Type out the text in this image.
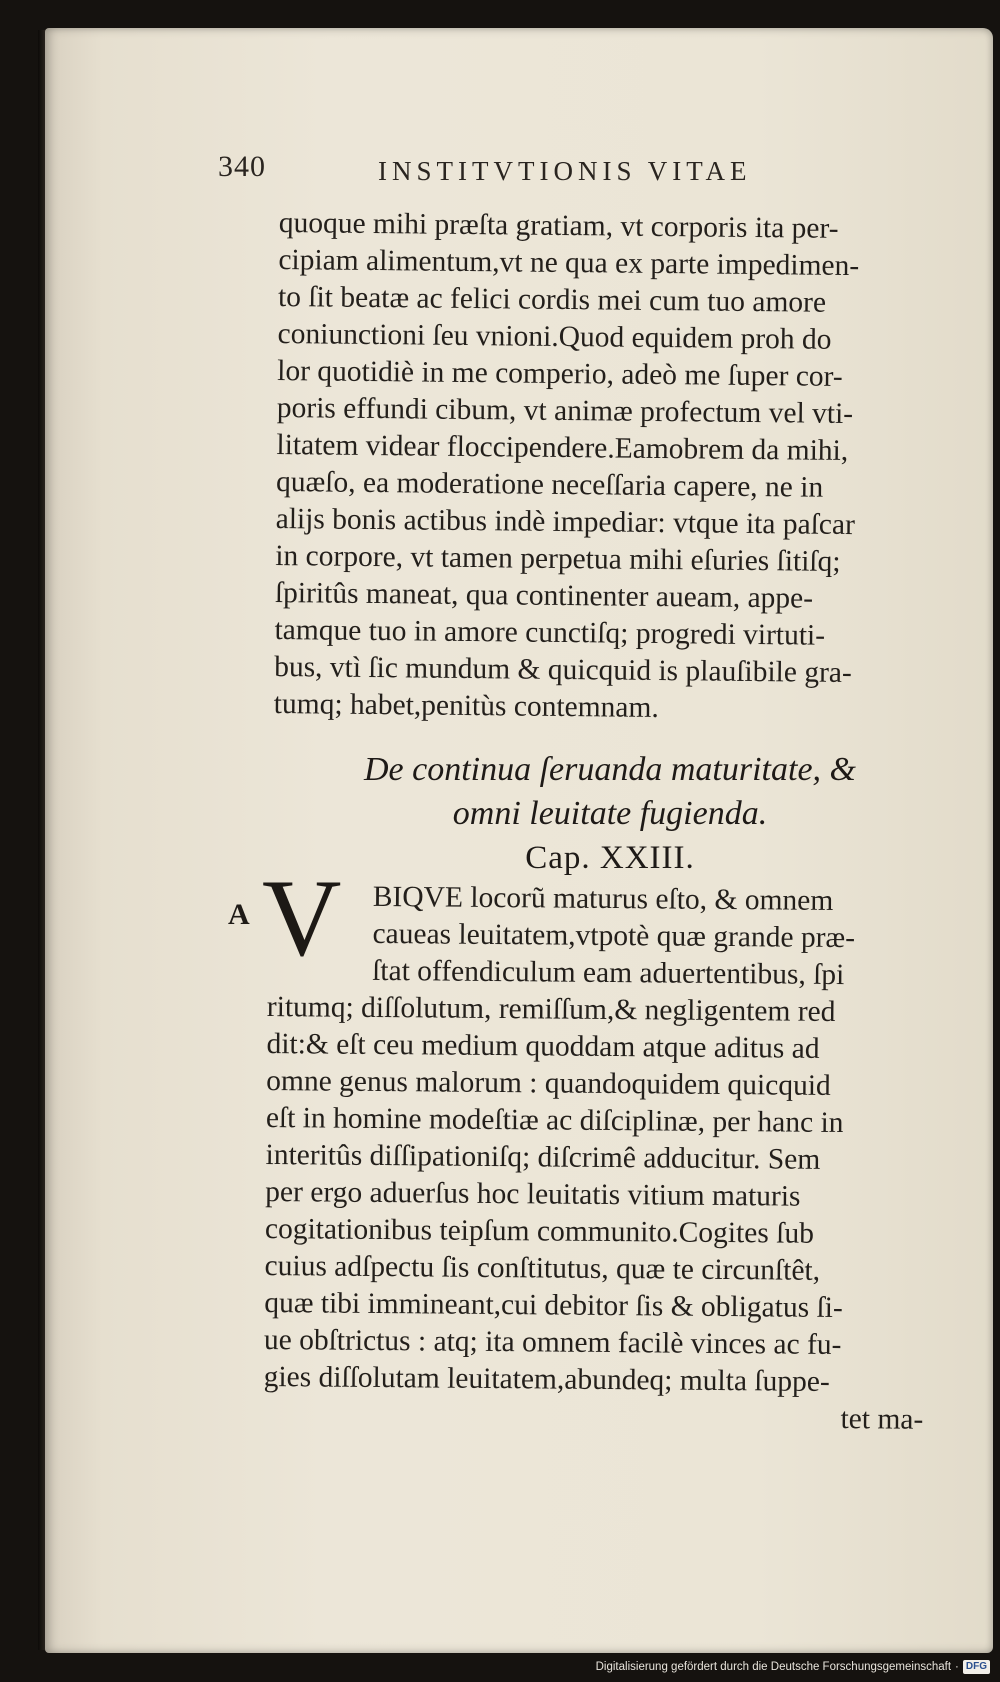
340	INSTITVTIONIS VITAE
quoque mihi præſta gratiam, vt corporis ita per-
cipiam alimentum,vt ne qua ex parte impedimen-
to ſit beatæ ac felici cordis mei cum tuo amore
coniunctioni ſeu vnioni.Quod equidem proh do
lor quotidiè in me comperio, adeò me ſuper cor-
poris effundi cibum, vt animæ profectum vel vti-
litatem videar floccipendere.Eamobrem da mihi,
quæſo, ea moderatione neceſſaria capere, ne in
alijs bonis actibus indè impediar: vtque ita paſcar
in corpore, vt tamen perpetua mihi eſuries ſitiſq;
ſpiritûs maneat, qua continenter aueam, appe-
tamque tuo in amore cunctiſq; progredi virtuti-
bus, vtì ſic mundum & quicquid is plauſibile gra-
tumq; habet,penitùs contemnam.
De continua ſeruanda maturitate, &
omni leuitate fugienda.
Cap. XXIII.
A V	BIQVE locorũ maturus eſto, & omnem
caueas leuitatem,vtpotè quæ grande præ-
ſtat offendiculum eam aduertentibus, ſpi
ritumq; diſſolutum, remiſſum,& negligentem red
dit:& eſt ceu medium quoddam atque aditus ad
omne genus malorum : quandoquidem quicquid
eſt in homine modeſtiæ ac diſciplinæ, per hanc in
interitûs diſſipationiſq; diſcrimê adducitur. Sem
per ergo aduerſus hoc leuitatis vitium maturis
cogitationibus teipſum communito.Cogites ſub
cuius adſpectu ſis conſtitutus, quæ te circunſtêt,
quæ tibi immineant,cui debitor ſis & obligatus ſi-
ue obſtrictus : atq; ita omnem facilè vinces ac fu-
gies diſſolutam leuitatem,abundeq; multa ſuppe-
tet ma-
Digitalisierung gefördert durch die Deutsche Forschungsgemeinschaft · DFG
